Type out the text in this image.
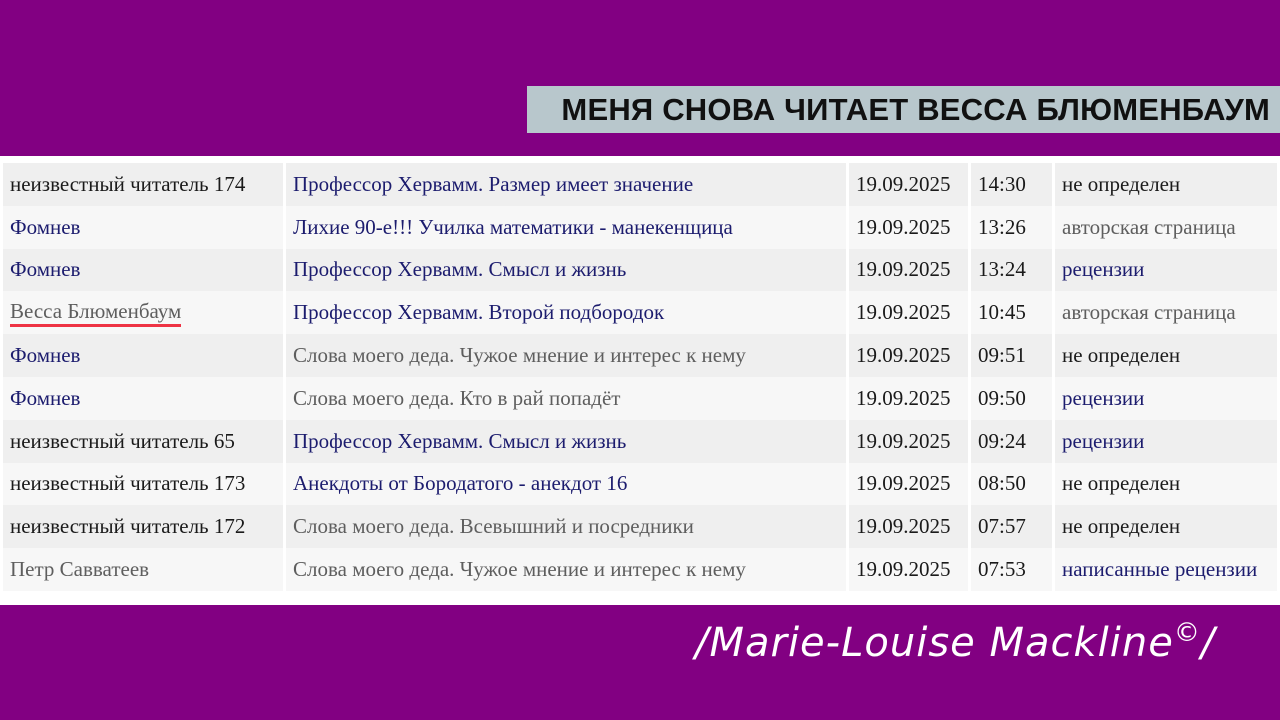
МЕНЯ СНОВА ЧИТАЕТ ВЕССА БЛЮМЕНБАУМ
неизвестный читатель 174	Профессор Хервамм. Размер имеет значение	19.09.2025	14:30	не определен
Фомнев	Лихие 90-е!!! Училка математики - манекенщица	19.09.2025	13:26	авторская страница
Фомнев	Профессор Хервамм. Смысл и жизнь	19.09.2025	13:24	рецензии
Весса Блюменбаум	Профессор Хервамм. Второй подбородок	19.09.2025	10:45	авторская страница
Фомнев	Слова моего деда. Чужое мнение и интерес к нему	19.09.2025	09:51	не определен
Фомнев	Слова моего деда. Кто в рай попадёт	19.09.2025	09:50	рецензии
неизвестный читатель 65	Профессор Хервамм. Смысл и жизнь	19.09.2025	09:24	рецензии
неизвестный читатель 173	Анекдоты от Бородатого - анекдот 16	19.09.2025	08:50	не определен
неизвестный читатель 172	Слова моего деда. Всевышний и посредники	19.09.2025	07:57	не определен
Петр Савватеев	Слова моего деда. Чужое мнение и интерес к нему	19.09.2025	07:53	написанные рецензии
/Marie-Louise Mackline©/
